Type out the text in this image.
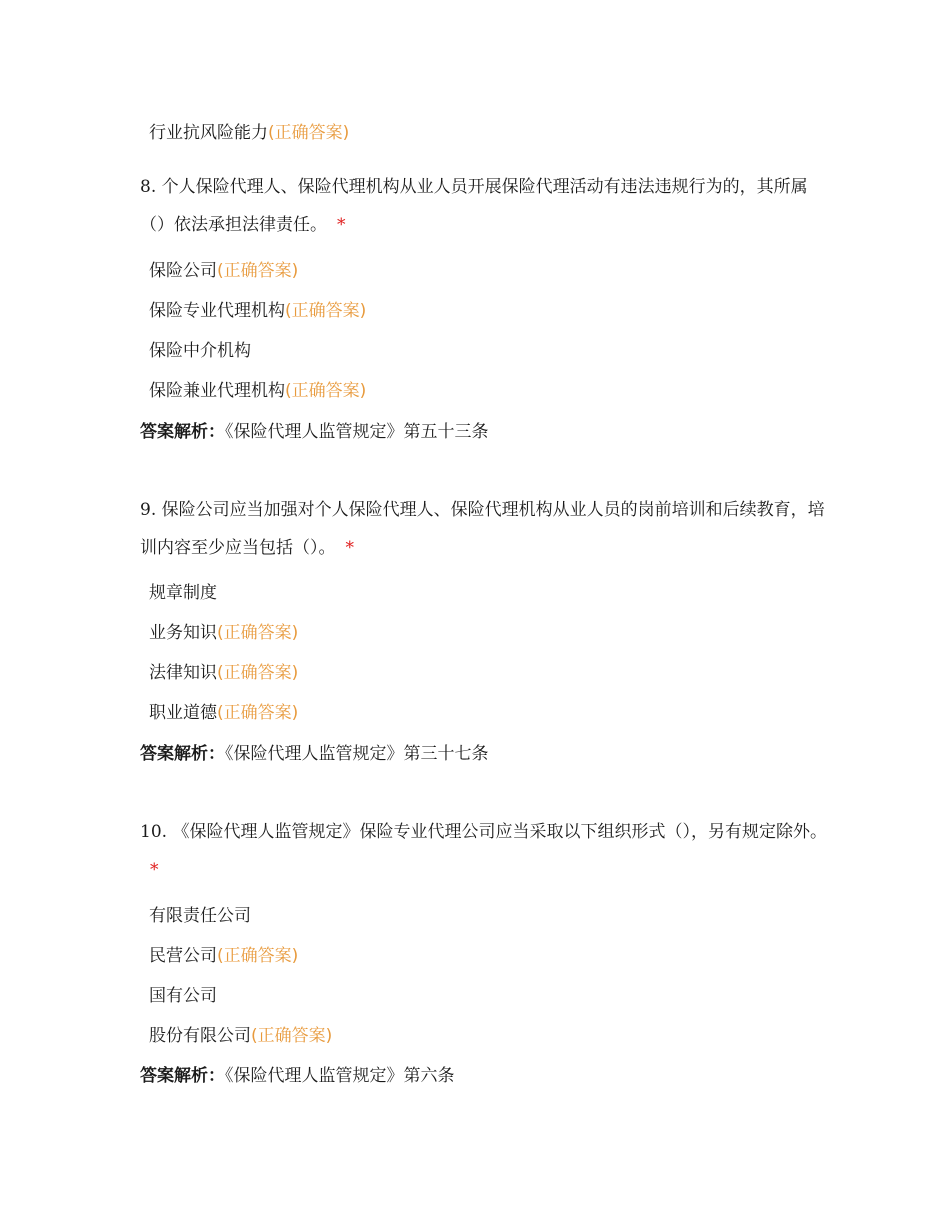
行业抗风险能力(正确答案)
8. 个人保险代理人、保险代理机构从业人员开展保险代理活动有违法违规行为的，其所属（）依法承担法律责任。 *
保险公司(正确答案)
保险专业代理机构(正确答案)
保险中介机构
保险兼业代理机构(正确答案)
答案解析：《保险代理人监管规定》第五十三条
9. 保险公司应当加强对个人保险代理人、保险代理机构从业人员的岗前培训和后续教育，培训内容至少应当包括（）。 *
规章制度
业务知识(正确答案)
法律知识(正确答案)
职业道德(正确答案)
答案解析：《保险代理人监管规定》第三十七条
10. 《保险代理人监管规定》保险专业代理公司应当采取以下组织形式（），另有规定除外。*
有限责任公司
民营公司(正确答案)
国有公司
股份有限公司(正确答案)
答案解析：《保险代理人监管规定》第六条
